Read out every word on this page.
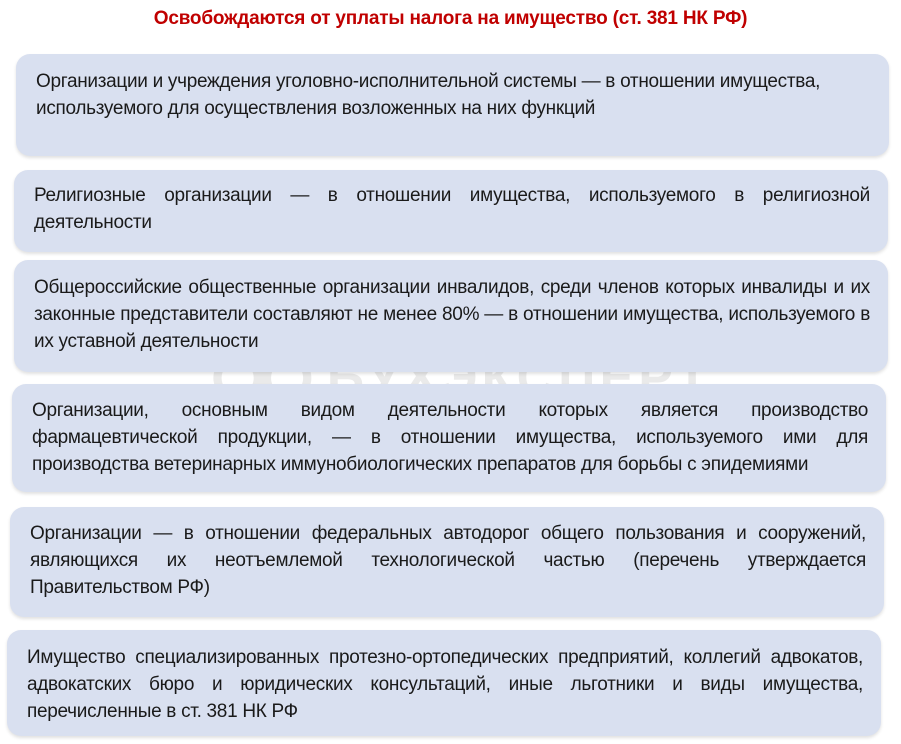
Освобождаются от уплаты налога на имущество (ст. 381 НК РФ)
БУХЭКСПЕРТ
Организации и учреждения уголовно-исполнительной системы — в отношении имущества, используемого для осуществления возложенных на них функций
Религиозные организации — в отношении имущества, используемого в религиозной деятельности
Общероссийские общественные организации инвалидов, среди членов которых инвалиды и их законные представители составляют не менее 80% — в отношении имущества, используемого в их уставной деятельности
Организации, основным видом деятельности которых является производство фармацевтической продукции, — в отношении имущества, используемого ими для производства ветеринарных иммунобиологических препаратов для борьбы с эпидемиями
Организации — в отношении федеральных автодорог общего пользования и сооружений, являющихся их неотъемлемой технологической частью (перечень утверждается Правительством РФ)
Имущество специализированных протезно-ортопедических предприятий, коллегий адвокатов, адвокатских бюро и юридических консультаций, иные льготники и виды имущества, перечисленные в ст. 381 НК РФ
